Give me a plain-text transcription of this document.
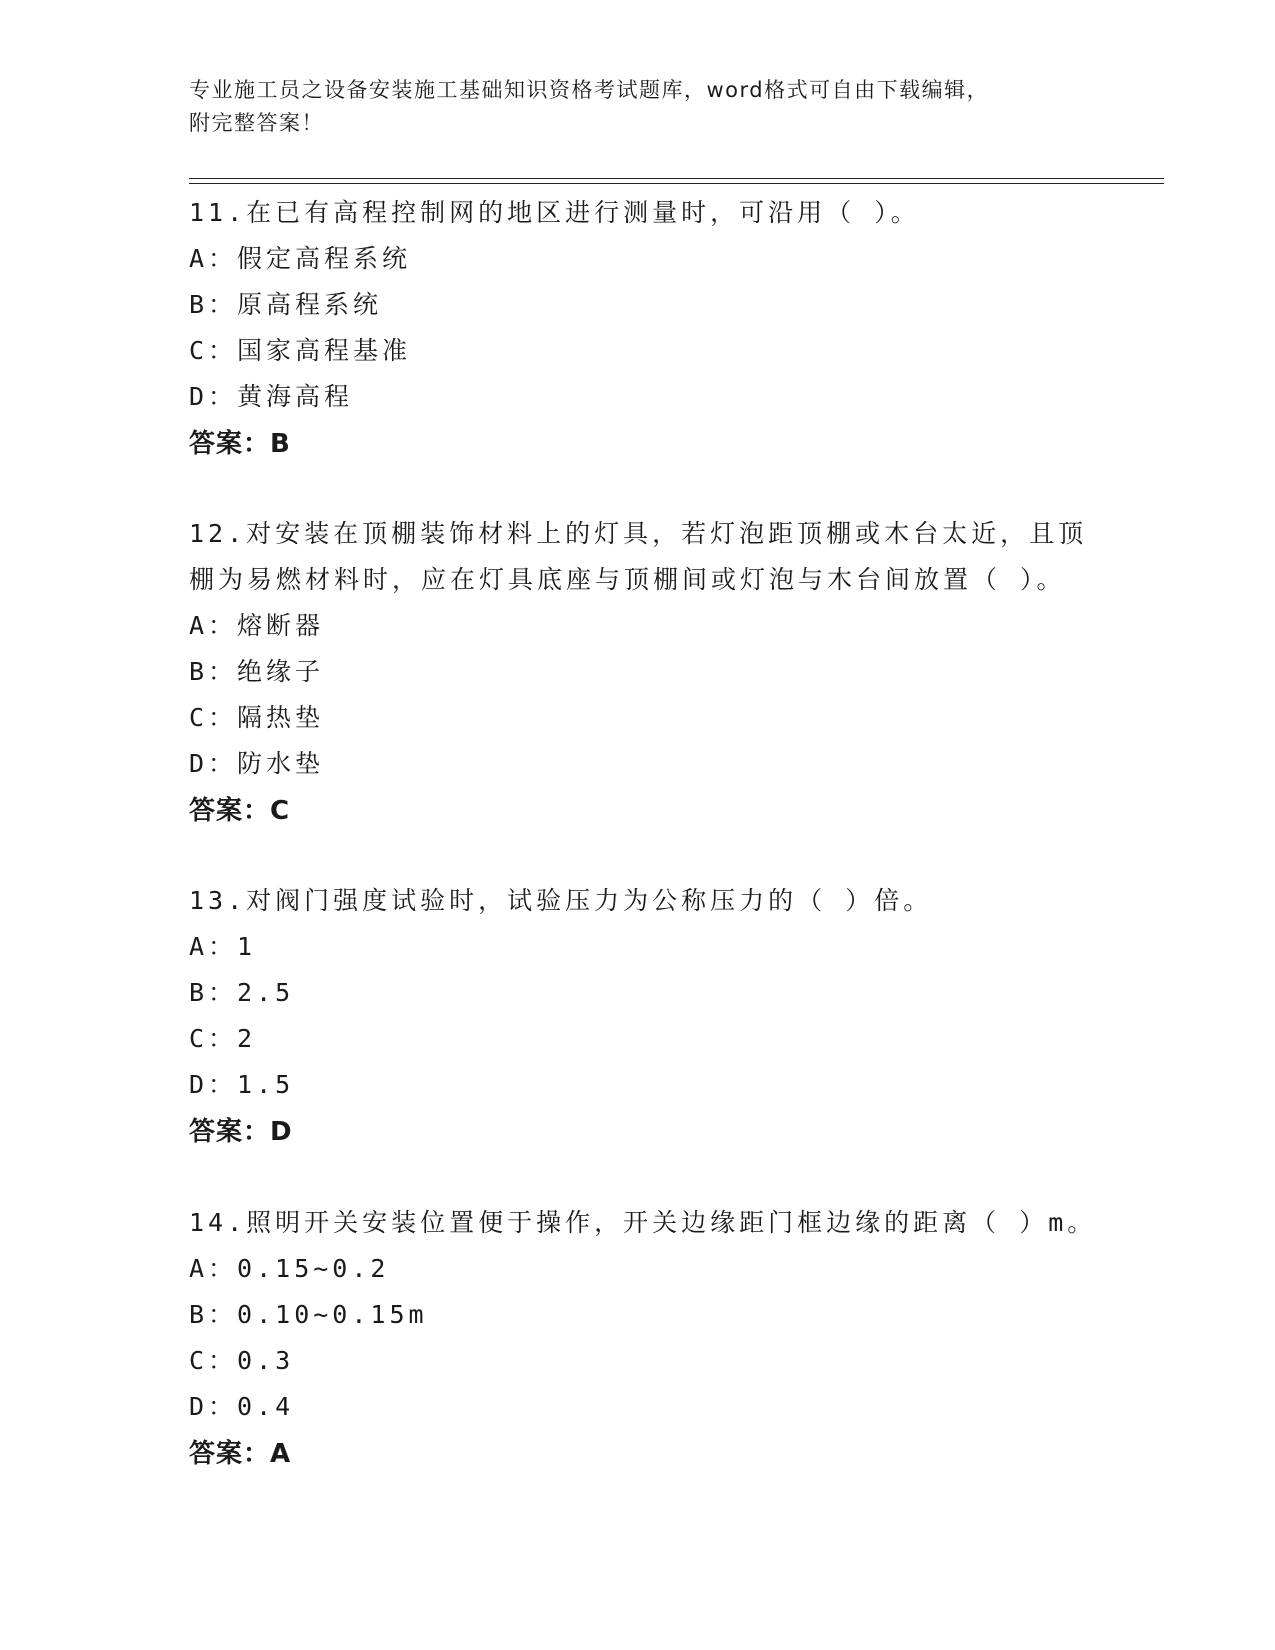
专业施工员之设备安装施工基础知识资格考试题库，word格式可自由下载编辑，
附完整答案！
11.在已有高程控制网的地区进行测量时，可沿用（ ）。
A：假定高程系统
B：原高程系统
C：国家高程基准
D：黄海高程
答案：B
12.对安装在顶棚装饰材料上的灯具，若灯泡距顶棚或木台太近，且顶
棚为易燃材料时，应在灯具底座与顶棚间或灯泡与木台间放置（ ）。
A：熔断器
B：绝缘子
C：隔热垫
D：防水垫
答案：C
13.对阀门强度试验时，试验压力为公称压力的（ ）倍。
A：1
B：2.5
C：2
D：1.5
答案：D
14.照明开关安装位置便于操作，开关边缘距门框边缘的距离（ ）m。
A：0.15~0.2
B：0.10~0.15m
C：0.3
D：0.4
答案：A
